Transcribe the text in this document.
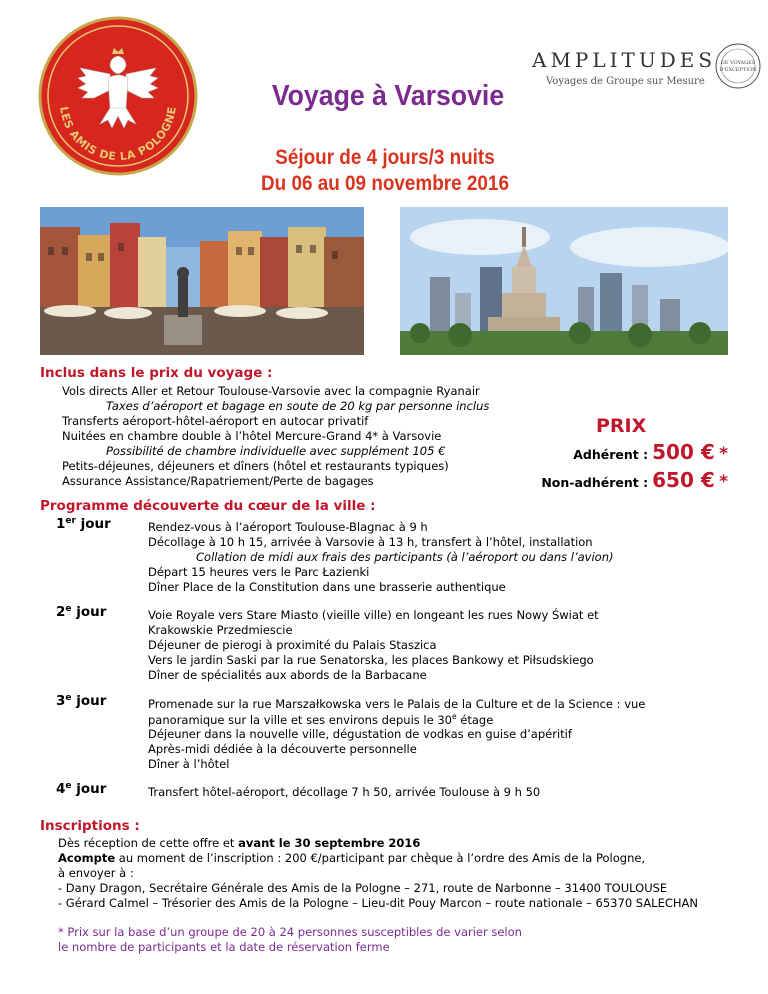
LES AMIS DE LA POLOGNE
AMPLITUDES
Voyages de Groupe sur Mesure
DE VOYAGES
D'EXCEPTION
Voyage à Varsovie
Séjour de 4 jours/3 nuits
Du 06 au 09 novembre 2016
Inclus dans le prix du voyage :
Vols directs Aller et Retour Toulouse-Varsovie avec la compagnie Ryanair
Taxes d’aéroport et bagage en soute de 20 kg par personne inclus
Transferts aéroport-hôtel-aéroport en autocar privatif
Nuitées en chambre double à l’hôtel Mercure-Grand 4* à Varsovie
Possibilité de chambre individuelle avec supplément 105 €
Petits-déjeunes, déjeuners et dîners (hôtel et restaurants typiques)
Assurance Assistance/Rapatriement/Perte de bagages
PRIX
Adhérent : 500 € *
Non-adhérent : 650 € *
Programme découverte du cœur de la ville :
1er jour	Rendez-vous à l’aéroport Toulouse-Blagnac à 9 h
Décollage à 10 h 15, arrivée à Varsovie à 13 h, transfert à l’hôtel, installation
Collation de midi aux frais des participants (à l’aéroport ou dans l’avion)
Départ 15 heures vers le Parc Łazienki
Dîner Place de la Constitution dans une brasserie authentique
2e jour	Voie Royale vers Stare Miasto (vieille ville) en longeant les rues Nowy Świat et
Krakowskie Przedmiescie
Déjeuner de pierogi à proximité du Palais Staszica
Vers le jardin Saski par la rue Senatorska, les places Bankowy et Piłsudskiego
Dîner de spécialités aux abords de la Barbacane
3e jour	Promenade sur la rue Marszałkowska vers le Palais de la Culture et de la Science : vue
panoramique sur la ville et ses environs depuis le 30e étage
Déjeuner dans la nouvelle ville, dégustation de vodkas en guise d’apéritif
Après-midi dédiée à la découverte personnelle
Dîner à l’hôtel
4e jour	Transfert hôtel-aéroport, décollage 7 h 50, arrivée Toulouse à 9 h 50
Inscriptions :
Dès réception de cette offre et avant le 30 septembre 2016
Acompte au moment de l’inscription : 200 €/participant par chèque à l’ordre des Amis de la Pologne,
à envoyer à :
- Dany Dragon, Secrétaire Générale des Amis de la Pologne – 271, route de Narbonne – 31400 TOULOUSE
- Gérard Calmel – Trésorier des Amis de la Pologne – Lieu-dit Pouy Marcon – route nationale – 65370 SALECHAN
* Prix sur la base d’un groupe de 20 à 24 personnes susceptibles de varier selon
le nombre de participants et la date de réservation ferme
